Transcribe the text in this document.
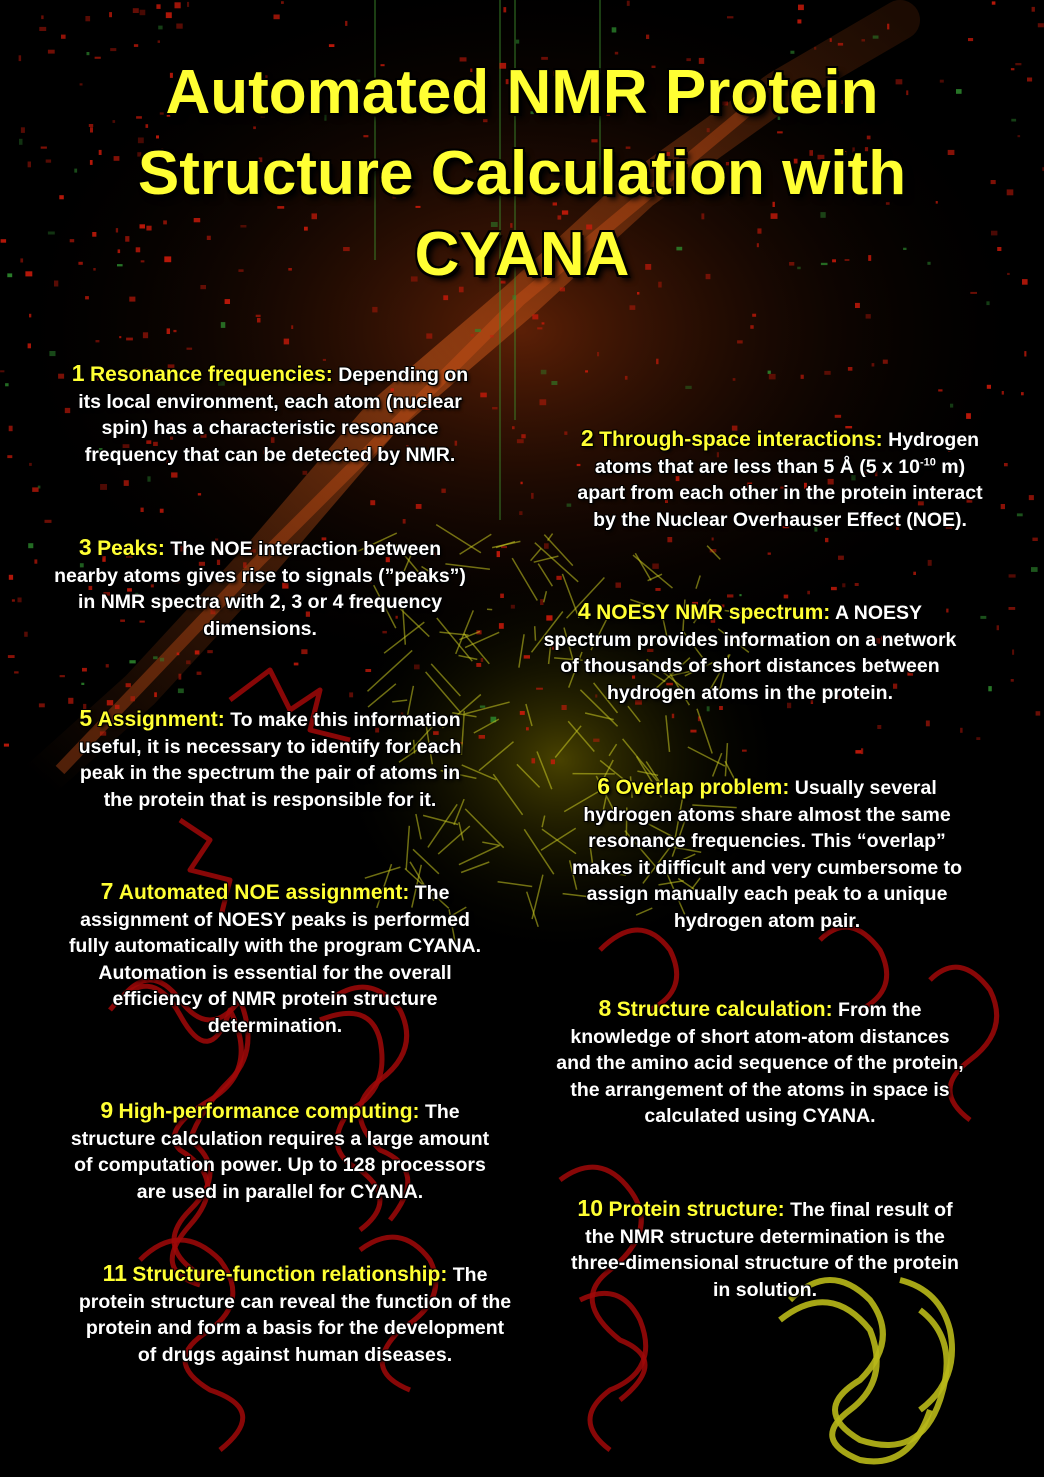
Automated NMR Protein
Structure Calculation with
CYANA
1 Resonance frequencies: Depending on
its local environment, each atom (nuclear
spin) has a characteristic resonance
frequency that can be detected by NMR.
2 Through-space interactions: Hydrogen
atoms that are less than 5 Å (5 x $10^{-10}$ m)
apart from each other in the protein interact
by the Nuclear Overhauser Effect (NOE).
3 Peaks: The NOE interaction between
nearby atoms gives rise to signals (”peaks”)
in NMR spectra with 2, 3 or 4 frequency
dimensions.
4 NOESY NMR spectrum: A NOESY
spectrum provides information on a network
of thousands of short distances between
hydrogen atoms in the protein.
5 Assignment: To make this information
useful, it is necessary to identify for each
peak in the spectrum the pair of atoms in
the protein that is responsible for it.
6 Overlap problem: Usually several
hydrogen atoms share almost the same
resonance frequencies. This “overlap”
makes it difficult and very cumbersome to
assign manually each peak to a unique
hydrogen atom pair.
7 Automated NOE assignment: The
assignment of NOESY peaks is performed
fully automatically with the program CYANA.
Automation is essential for the overall
efficiency of NMR protein structure
determination.
8 Structure calculation: From the
knowledge of short atom-atom distances
and the amino acid sequence of the protein,
the arrangement of the atoms in space is
calculated using CYANA.
9 High-performance computing: The
structure calculation requires a large amount
of computation power. Up to 128 processors
are used in parallel for CYANA.
10 Protein structure: The final result of
the NMR structure determination is the
three-dimensional structure of the protein
in solution.
11 Structure-function relationship: The
protein structure can reveal the function of the
protein and form a basis for the development
of drugs against human diseases.
